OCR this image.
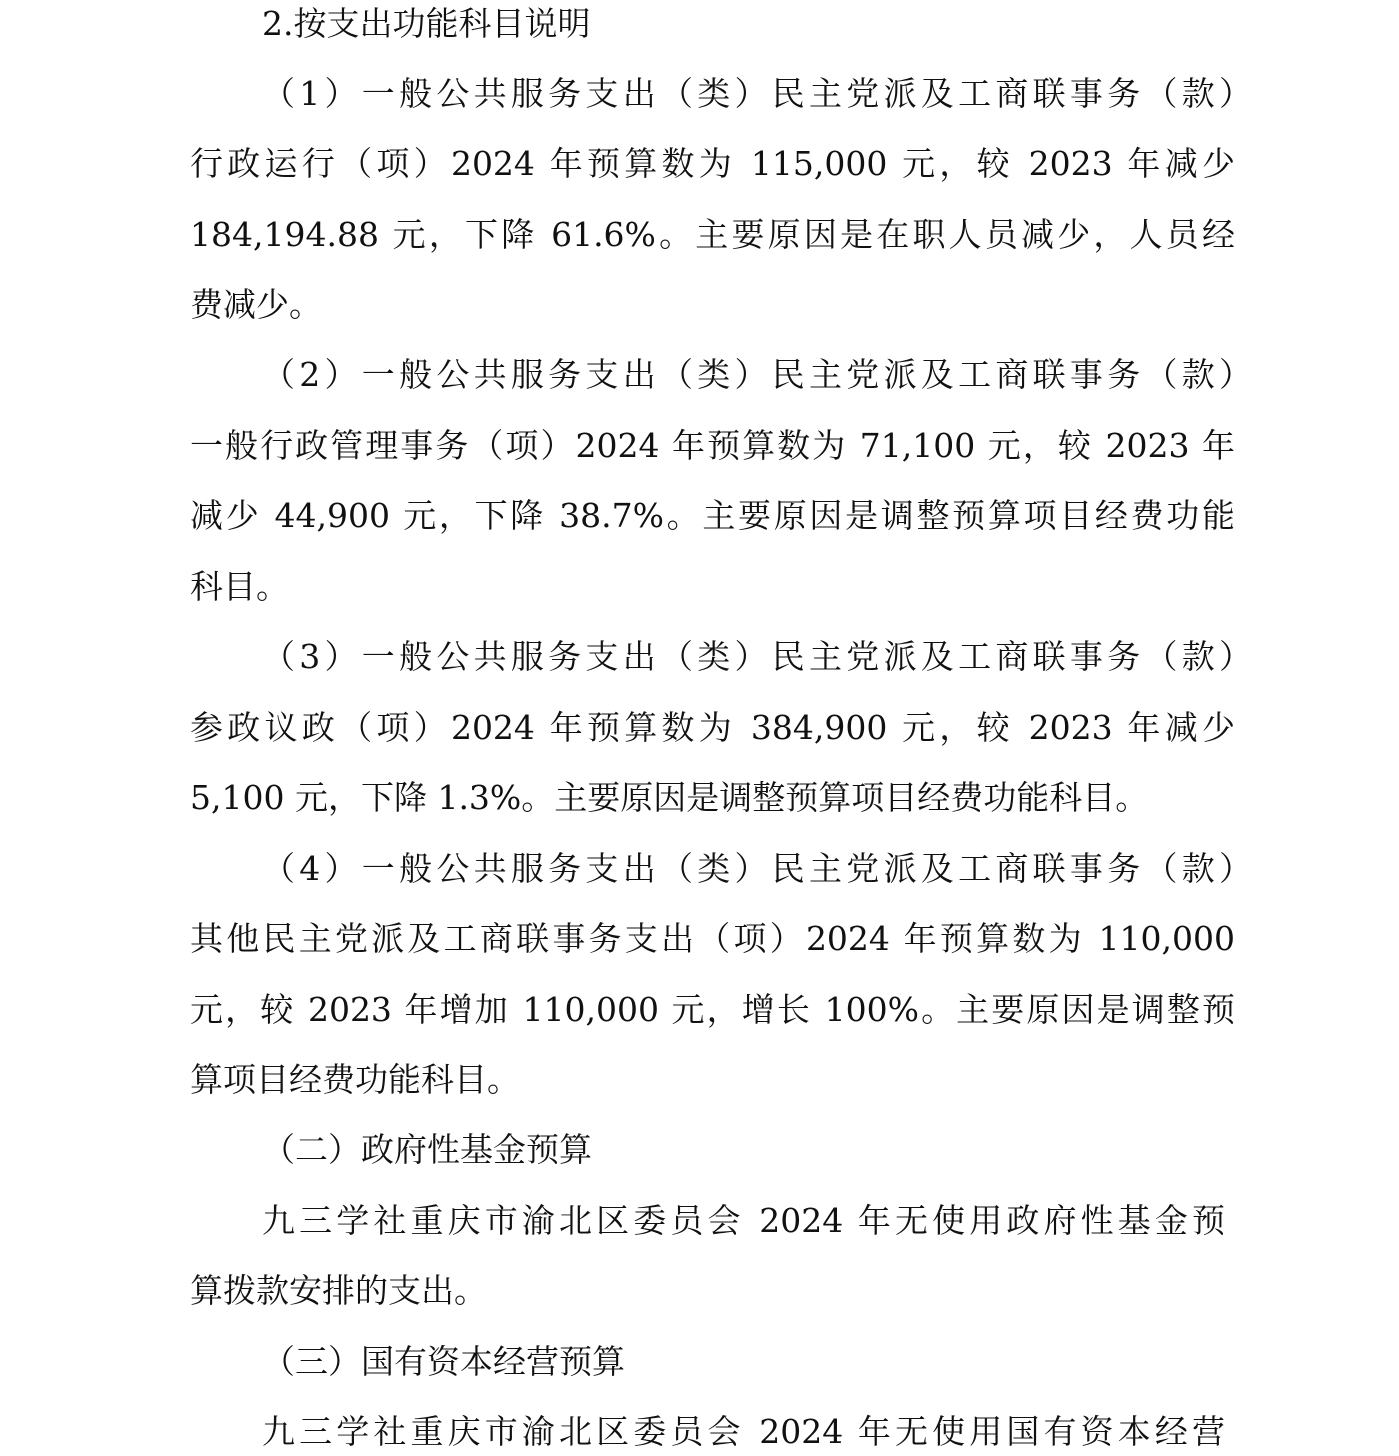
2.按支出功能科目说明
（1）一般公共服务支出（类）民主党派及工商联事务（款）
行政运行（项）2024 年预算数为 115,000 元，较 2023 年减少
184,194.88 元，下降 61.6%。主要原因是在职人员减少，人员经
费减少。
（2）一般公共服务支出（类）民主党派及工商联事务（款）
一般行政管理事务（项）2024 年预算数为 71,100 元，较 2023 年
减少 44,900 元，下降 38.7%。主要原因是调整预算项目经费功能
科目。
（3）一般公共服务支出（类）民主党派及工商联事务（款）
参政议政（项）2024 年预算数为 384,900 元，较 2023 年减少
5,100 元，下降 1.3%。主要原因是调整预算项目经费功能科目。
（4）一般公共服务支出（类）民主党派及工商联事务（款）
其他民主党派及工商联事务支出（项）2024 年预算数为 110,000
元，较 2023 年增加 110,000 元，增长 100%。主要原因是调整预
算项目经费功能科目。
（二）政府性基金预算
九三学社重庆市渝北区委员会 2024 年无使用政府性基金预
算拨款安排的支出。
（三）国有资本经营预算
九三学社重庆市渝北区委员会 2024 年无使用国有资本经营
